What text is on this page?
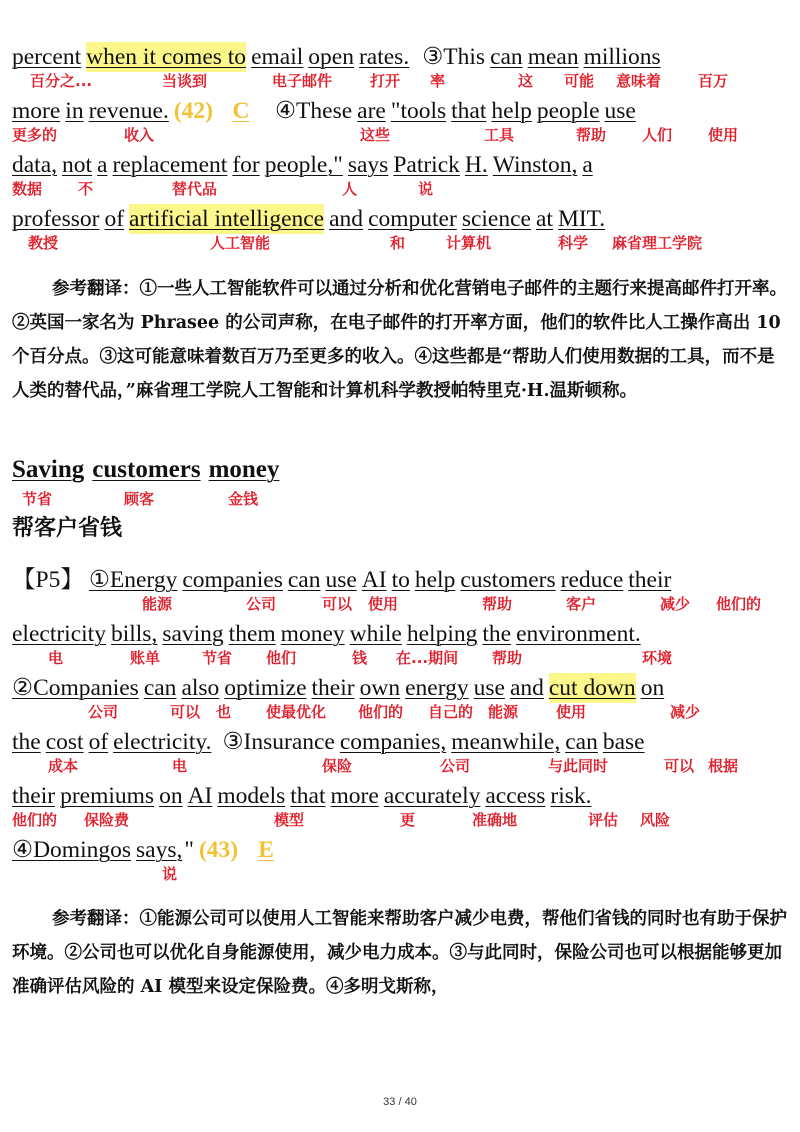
percent when it comes to email open rates. ③This can mean millions
百分之...	当谈到	电子邮件	打开 率	这 可能 意味着 百万
more in revenue. (42) C ④These are "tools that help people use
更多的	收入	这些	工具	帮助 人们 使用
data, not a replacement for people," says Patrick H. Winston, a
数据 不	替代品	人	说
professor of artificial intelligence and computer science at MIT.
教授	人工智能	和	计算机	科学 麻省理工学院

参考翻译：①一些人工智能软件可以通过分析和优化营销电子邮件的主题行来提高邮件打开率。②英国一家名为 Phrasee 的公司声称，在电子邮件的打开率方面，他们的软件比人工操作高出 10 个百分点。③这可能意味着数百万乃至更多的收入。④这些都是“帮助人们使用数据的工具，而不是人类的替代品，”麻省理工学院人工智能和计算机科学教授帕特里克·H.温斯顿称。

Saving customers money
节省	顾客	金钱
帮客户省钱
【P5】 ①Energy companies can use AI to help customers reduce their
能源	公司	可以 使用	帮助	客户	减少 他们的
electricity bills, saving them money while helping the environment.
电	账单	节省 他们	钱 在...期间 帮助	环境
②Companies can also optimize their own energy use and cut down on
公司	可以 也 使最优化 他们的 自己的 能源	使用	减少
the cost of electricity. ③Insurance companies, meanwhile, can base
成本	电	保险	公司	与此同时	可以 根据
their premiums on AI models that more accurately access risk.
他们的 保险费	模型	更	准确地	评估 风险
④Domingos says," (43) E
说

参考翻译：①能源公司可以使用人工智能来帮助客户减少电费，帮他们省钱的同时也有助于保护环境。②公司也可以优化自身能源使用，减少电力成本。③与此同时，保险公司也可以根据能够更加准确评估风险的 AI 模型来设定保险费。④多明戈斯称，

33 / 40
